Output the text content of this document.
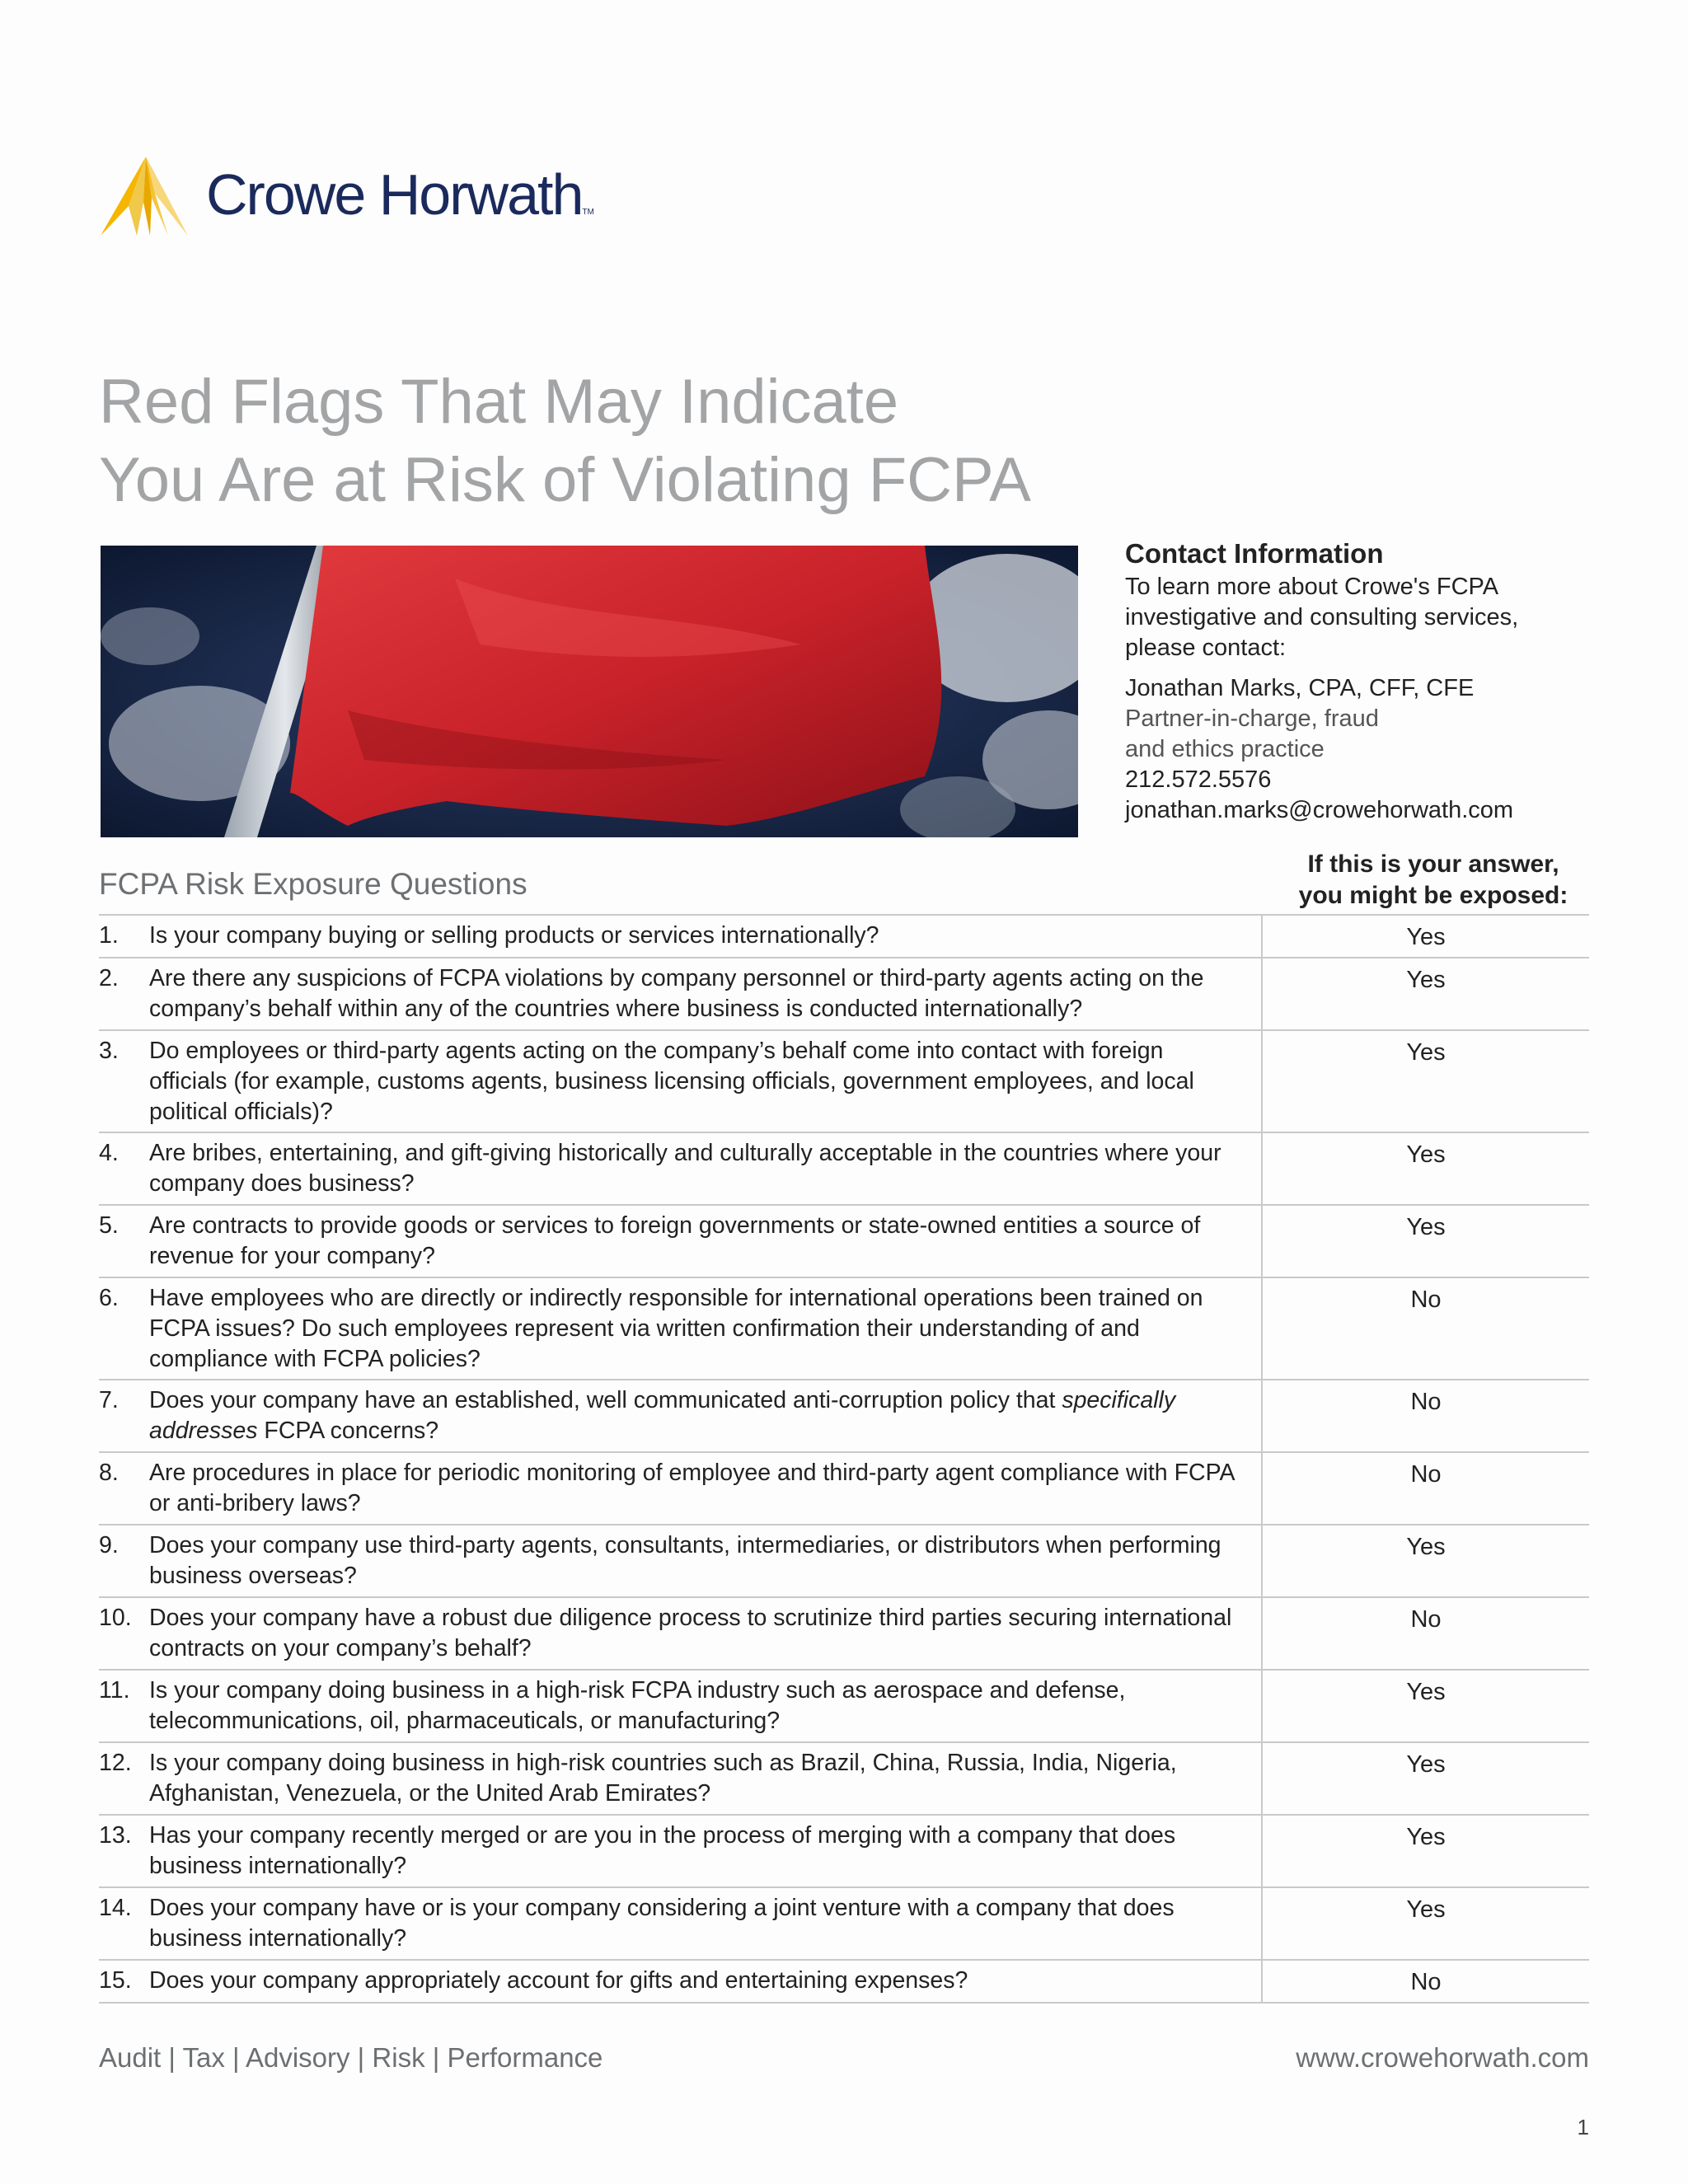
Crowe HorwathTM
Red Flags That May Indicate
You Are at Risk of Violating FCPA
Contact Information

To learn more about Crowe's FCPA

investigative and consulting services,

please contact:

Jonathan Marks, CPA, CFF, CFE

Partner-in-charge, fraud

and ethics practice

212.572.5576

jonathan.marks@crowehorwath.com

FCPA Risk Exposure Questions
If this is your answer,
you might be exposed:
1.	Is your company buying or selling products or services internationally?	Yes
2.	Are there any suspicions of FCPA violations by company personnel or third-party agents acting on the company’s behalf within any of the countries where business is conducted internationally?
Yes
3.	Do employees or third-party agents acting on the company’s behalf come into contact with foreign officials (for example, customs agents, business licensing officials, government employees, and local political officials)?
Yes
4.	Are bribes, entertaining, and gift-giving historically and culturally acceptable in the countries where your company does business?
Yes
5.	Are contracts to provide goods or services to foreign governments or state-owned entities a source of revenue for your company?
Yes
6.	Have employees who are directly or indirectly responsible for international operations been trained on FCPA issues? Do such employees represent via written confirmation their understanding of and compliance with FCPA policies?
No
7.	Does your company have an established, well communicated anti-corruption policy that specifically addresses FCPA concerns?
No
8.	Are procedures in place for periodic monitoring of employee and third-party agent compliance with FCPA or anti-bribery laws?
No
9.	Does your company use third-party agents, consultants, intermediaries, or distributors when performing business overseas?
Yes
10. Does your company have a robust due diligence process to scrutinize third parties securing international contracts on your company’s behalf?
No
11. Is your company doing business in a high-risk FCPA industry such as aerospace and defense, telecommunications, oil, pharmaceuticals, or manufacturing?
Yes
12. Is your company doing business in high-risk countries such as Brazil, China, Russia, India, Nigeria, Afghanistan, Venezuela, or the United Arab Emirates?
Yes
13. Has your company recently merged or are you in the process of merging with a company that does business internationally?
Yes
14. Does your company have or is your company considering a joint venture with a company that does business internationally?
Yes
15. Does your company appropriately account for gifts and entertaining expenses?	No
Audit | Tax | Advisory | Risk | Performance	www.crowehorwath.com
1
